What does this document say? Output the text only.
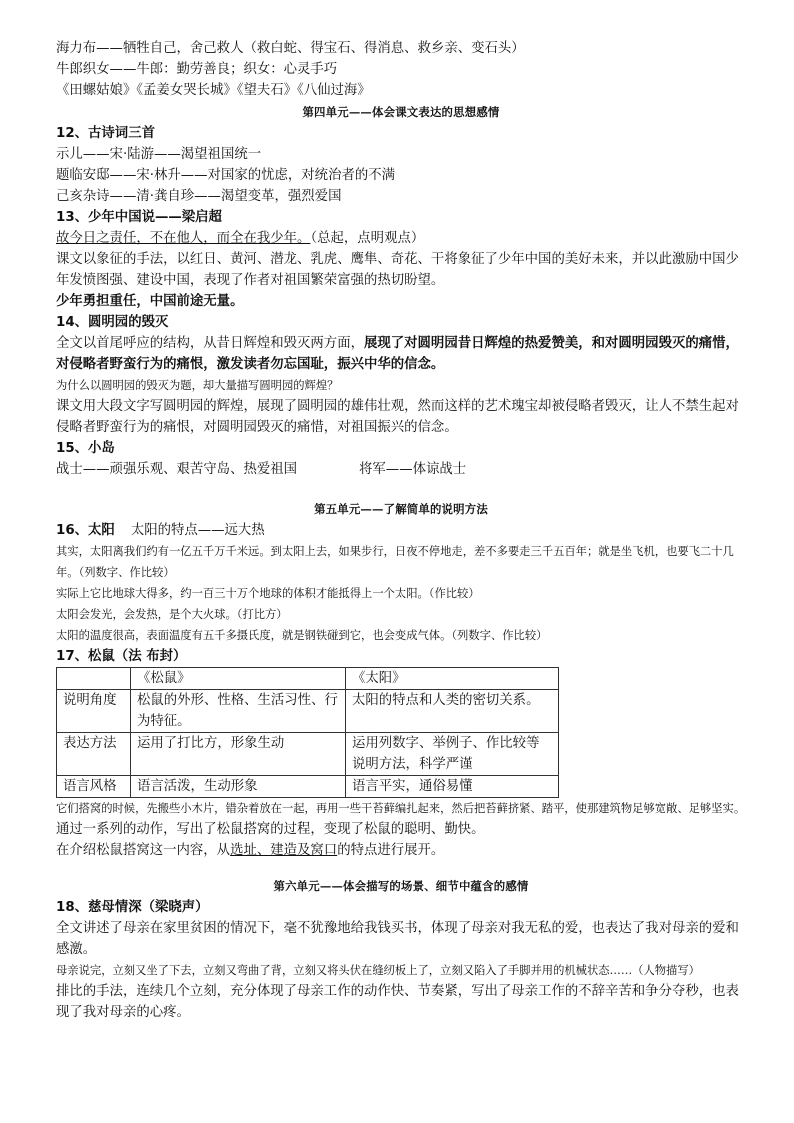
海力布——牺牲自己，舍己救人（救白蛇、得宝石、得消息、救乡亲、变石头）
牛郎织女——牛郎：勤劳善良；织女：心灵手巧
《田螺姑娘》《孟姜女哭长城》《望夫石》《八仙过海》
第四单元——体会课文表达的思想感情
12、古诗词三首
示儿——宋·陆游——渴望祖国统一
题临安邸——宋·林升——对国家的忧虑，对统治者的不满
己亥杂诗——清·龚自珍——渴望变革，强烈爱国
13、少年中国说——梁启超
故今日之责任，不在他人，而全在我少年。（总起，点明观点）
课文以象征的手法，以红日、黄河、潜龙、乳虎、鹰隼、奇花、干将象征了少年中国的美好未来，并以此激励中国少年发愤图强、建设中国，表现了作者对祖国繁荣富强的热切盼望。
少年勇担重任，中国前途无量。
14、圆明园的毁灭
全文以首尾呼应的结构，从昔日辉煌和毁灭两方面，展现了对圆明园昔日辉煌的热爱赞美，和对圆明园毁灭的痛惜，对侵略者野蛮行为的痛恨，激发读者勿忘国耻，振兴中华的信念。
为什么以圆明园的毁灭为题，却大量描写圆明园的辉煌？
课文用大段文字写圆明园的辉煌，展现了圆明园的雄伟壮观，然而这样的艺术瑰宝却被侵略者毁灭，让人不禁生起对侵略者野蛮行为的痛恨，对圆明园毁灭的痛惜，对祖国振兴的信念。
15、小岛
战士——顽强乐观、艰苦守岛、热爱祖国	将军——体谅战士
第五单元——了解简单的说明方法
16、太阳 太阳的特点——远大热
其实，太阳离我们约有一亿五千万千米远。到太阳上去，如果步行，日夜不停地走，差不多要走三千五百年；就是坐飞机，也要飞二十几年。（列数字、作比较）
实际上它比地球大得多，约一百三十万个地球的体积才能抵得上一个太阳。（作比较）
太阳会发光，会发热，是个大火球。（打比方）
太阳的温度很高，表面温度有五千多摄氏度，就是钢铁碰到它，也会变成气体。（列数字、作比较）
17、松鼠（法 布封）
	《松鼠》	《太阳》
说明角度	松鼠的外形、性格、生活习性、行为特征。	太阳的特点和人类的密切关系。
表达方法	运用了打比方，形象生动	运用列数字、举例子、作比较等说明方法，科学严谨
语言风格	语言活泼，生动形象	语言平实，通俗易懂
它们搭窝的时候，先搬些小木片，错杂着放在一起，再用一些干苔藓编扎起来，然后把苔藓挤紧、踏平，使那建筑物足够宽敞、足够坚实。
通过一系列的动作，写出了松鼠搭窝的过程，变现了松鼠的聪明、勤快。
在介绍松鼠搭窝这一内容，从选址、建造及窝口的特点进行展开。
第六单元——体会描写的场景、细节中蕴含的感情
18、慈母情深（梁晓声）
全文讲述了母亲在家里贫困的情况下，毫不犹豫地给我钱买书，体现了母亲对我无私的爱，也表达了我对母亲的爱和感激。
母亲说完，立刻又坐了下去，立刻又弯曲了背，立刻又将头伏在缝纫板上了，立刻又陷入了手脚并用的机械状态……（人物描写）
排比的手法，连续几个立刻，充分体现了母亲工作的动作快、节奏紧，写出了母亲工作的不辞辛苦和争分夺秒，也表现了我对母亲的心疼。
